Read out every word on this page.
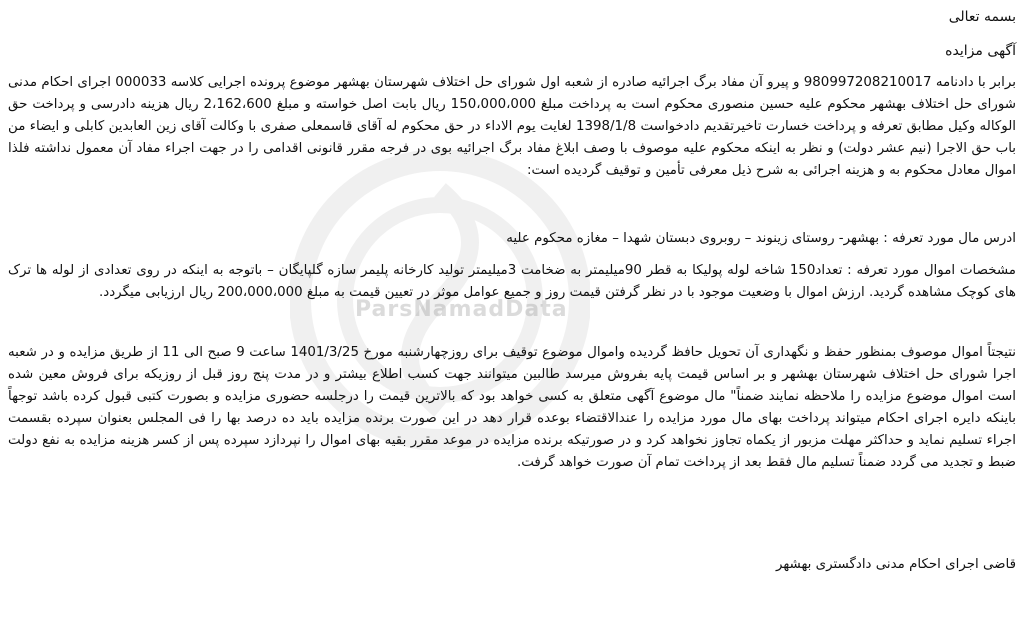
ParsNamadData
بسمه تعالی
آگهی مزایده
برابر با دادنامه 980997208210017 و پیرو آن مفاد برگ اجرائیه صادره از شعبه اول شورای حل اختلاف شهرستان بهشهر موضوع پرونده اجرایی کلاسه 000033 اجرای احکام مدنی شورای حل اختلاف بهشهر محکوم علیه حسین منصوری محکوم است به پرداخت مبلغ 150،000،000 ریال بابت اصل خواسته و مبلغ 2،162،600 ریال هزینه دادرسی و پرداخت حق الوکاله وکیل مطابق تعرفه و پرداخت خسارت تاخیرتقدیم دادخواست 1398/1/8 لغایت یوم الاداء در حق محکوم له آقای قاسمعلی صفری با وکالت آقای زین العابدین کابلی و ایضاء من باب حق الاجرا (نیم عشر دولت) و نظر به اینکه محکوم علیه موصوف با وصف ابلاغ مفاد برگ اجرائیه بوی در فرجه مقرر قانونی اقدامی را در جهت اجراء مفاد آن معمول نداشته فلذا اموال معادل محکوم به و هزینه اجرائی به شرح ذیل معرفی تأمین و توقیف گردیده است:
ادرس مال مورد تعرفه : بهشهر- روستای زینوند – روبروی دبستان شهدا – مغازه محکوم علیه
مشخصات اموال مورد تعرفه : تعداد150 شاخه لوله پولیکا به قطر 90میلیمتر به ضخامت 3میلیمتر تولید کارخانه پلیمر سازه گلپایگان – باتوجه به اینکه در روی تعدادی از لوله ها ترک های کوچک مشاهده گردید. ارزش اموال با وضعیت موجود با در نظر گرفتن قیمت روز و جمیع عوامل موثر در تعیین قیمت به مبلغ 200،000،000 ریال ارزیابی میگردد.
نتیجتاً اموال موصوف بمنظور حفظ و نگهداری آن تحویل حافظ گردیده واموال موضوع توقیف برای روزچهارشنبه مورخ 1401/3/25 ساعت 9 صبح الی 11 از طریق مزایده و در شعبه اجرا شورای حل اختلاف شهرستان بهشهر و بر اساس قیمت پایه بفروش میرسد طالبین میتوانند جهت کسب اطلاع بیشتر و در مدت پنج روز قبل از روزیکه برای فروش معین شده است اموال موضوع مزایده را ملاحظه نمایند ضمناً" مال موضوع آگهی متعلق به کسی خواهد بود که بالاترین قیمت را درجلسه حضوری مزایده و بصورت کتبی قبول کرده باشد توجهاً باینکه دایره اجرای احکام میتواند پرداخت بهای مال مورد مزایده را عندالاقتضاء بوعده قرار دهد در این صورت برنده مزایده باید ده درصد بها را فی المجلس بعنوان سپرده بقسمت اجراء تسلیم نماید و حداکثر مهلت مزبور از یکماه تجاوز نخواهد کرد و در صورتیکه برنده مزایده در موعد مقرر بقیه بهای اموال را نپردازد سپرده پس از کسر هزینه مزایده به نفع دولت ضبط و تجدید می گردد ضمناً تسلیم مال فقط بعد از پرداخت تمام آن صورت خواهد گرفت.
قاضی اجرای احکام مدنی دادگستری بهشهر
